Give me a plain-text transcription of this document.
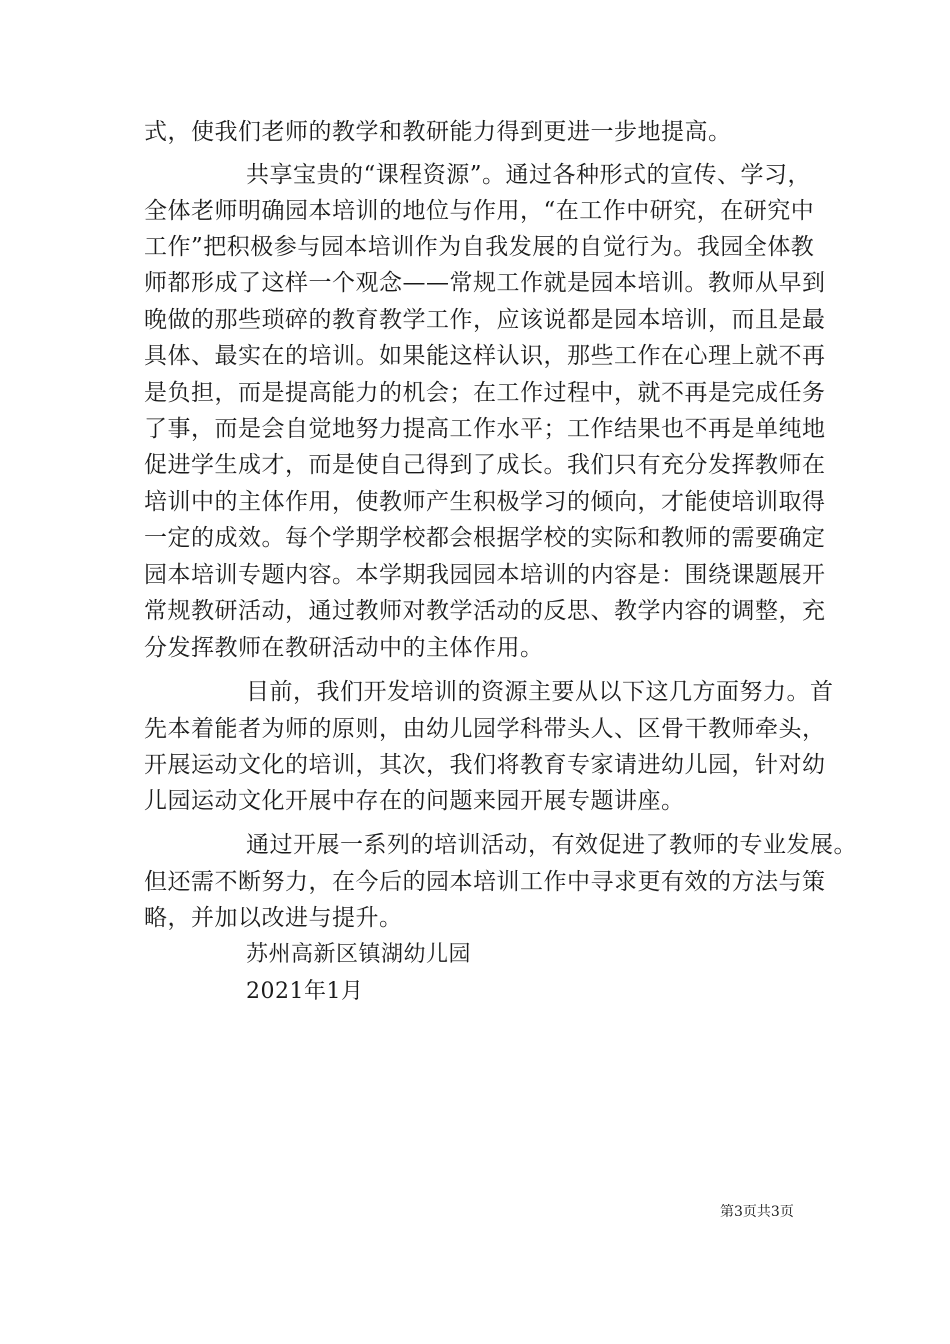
式，使我们老师的教学和教研能力得到更进一步地提高。
共享宝贵的“课程资源”。通过各种形式的宣传、学习，
全体老师明确园本培训的地位与作用，“在工作中研究，在研究中
工作”把积极参与园本培训作为自我发展的自觉行为。我园全体教
师都形成了这样一个观念——常规工作就是园本培训。教师从早到
晚做的那些琐碎的教育教学工作，应该说都是园本培训，而且是最
具体、最实在的培训。如果能这样认识，那些工作在心理上就不再
是负担，而是提高能力的机会；在工作过程中，就不再是完成任务
了事，而是会自觉地努力提高工作水平；工作结果也不再是单纯地
促进学生成才，而是使自己得到了成长。我们只有充分发挥教师在
培训中的主体作用，使教师产生积极学习的倾向，才能使培训取得
一定的成效。每个学期学校都会根据学校的实际和教师的需要确定
园本培训专题内容。本学期我园园本培训的内容是：围绕课题展开
常规教研活动，通过教师对教学活动的反思、教学内容的调整，充
分发挥教师在教研活动中的主体作用。
目前，我们开发培训的资源主要从以下这几方面努力。首
先本着能者为师的原则，由幼儿园学科带头人、区骨干教师牵头，
开展运动文化的培训，其次，我们将教育专家请进幼儿园，针对幼
儿园运动文化开展中存在的问题来园开展专题讲座。
通过开展一系列的培训活动，有效促进了教师的专业发展。
但还需不断努力，在今后的园本培训工作中寻求更有效的方法与策
略，并加以改进与提升。
苏州高新区镇湖幼儿园
2021年1月
第3页共3页
